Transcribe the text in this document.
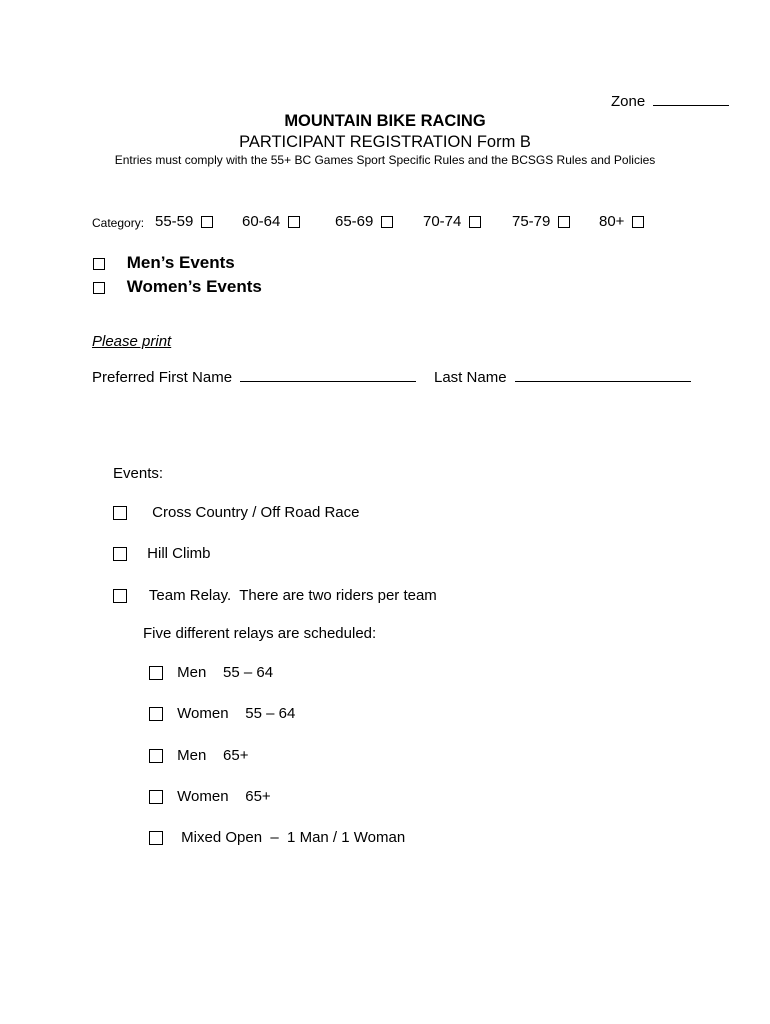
Zone
MOUNTAIN BIKE RACING
PARTICIPANT REGISTRATION Form B
Entries must comply with the 55+ BC Games Sport Specific Rules and the BCSGS Rules and Policies
Category: 55-59	60-64	65-69	70-74	75-79	80+
Men’s Events
Women’s Events
Please print
Preferred First Name	Last Name
Events:
Cross Country / Off Road Race
Hill Climb
Team Relay.  There are two riders per team
Five different relays are scheduled:
Men    55 – 64
Women    55 – 64
Men    65+
Women    65+
Mixed Open  –  1 Man / 1 Woman
